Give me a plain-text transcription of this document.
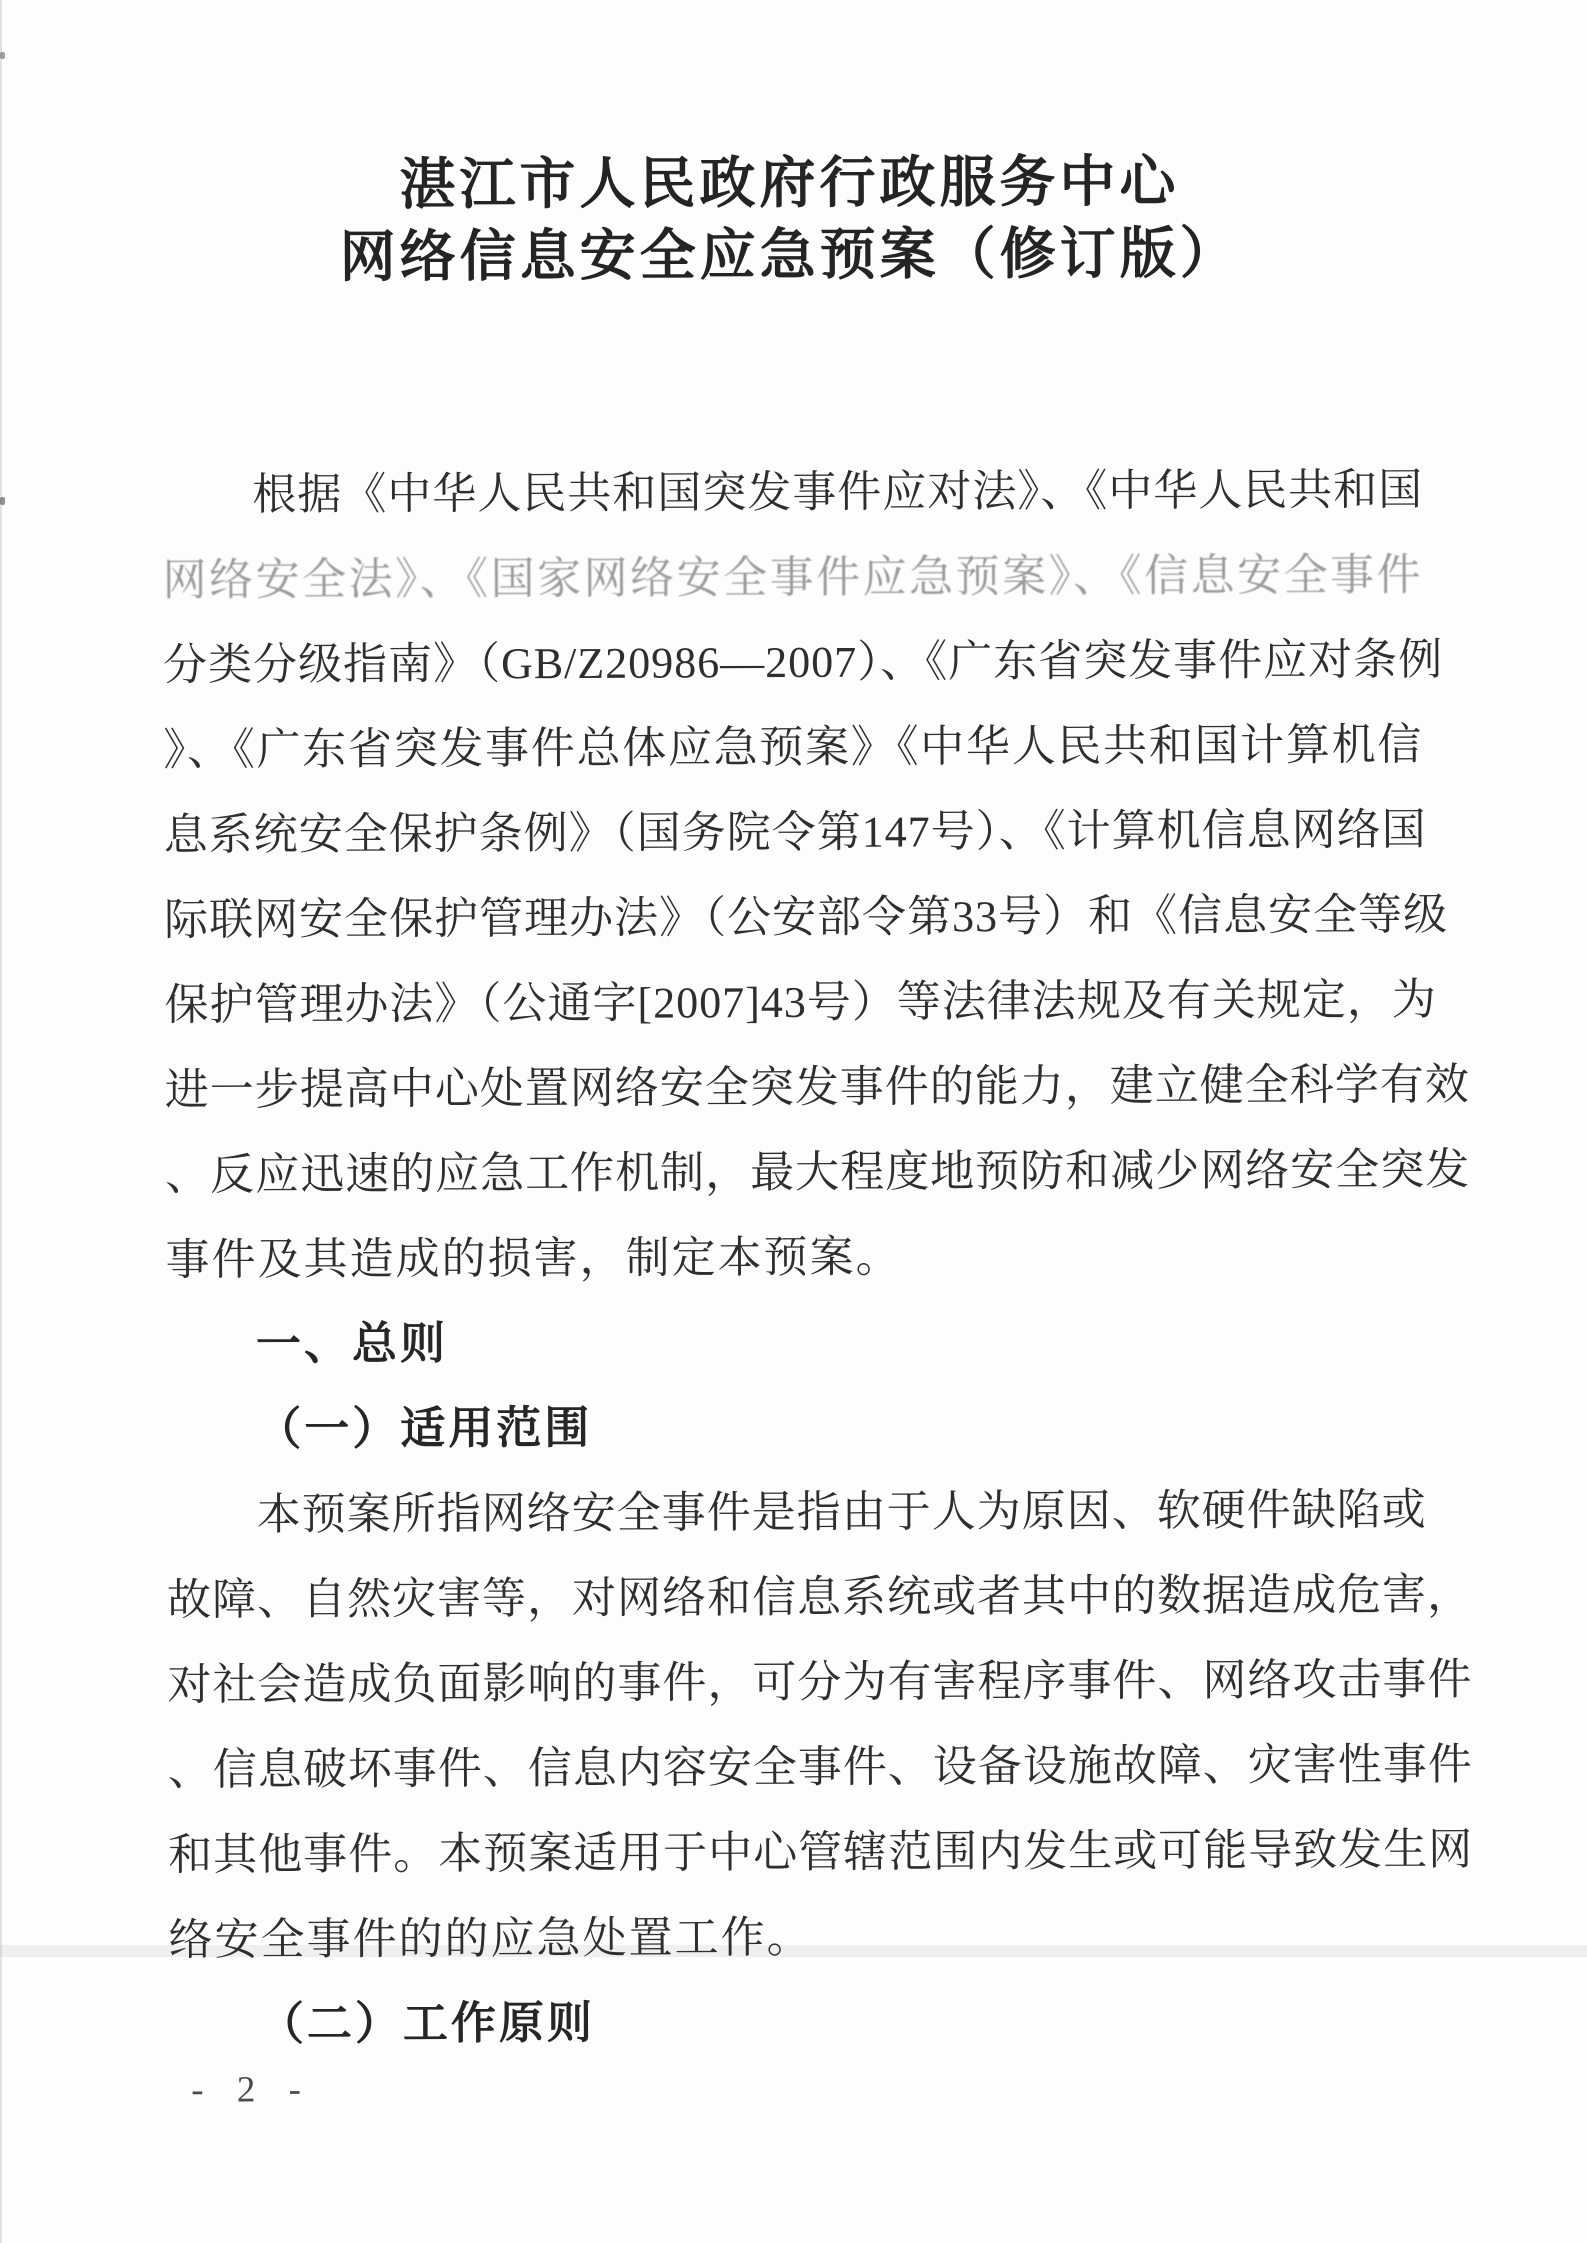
湛江市人民政府行政服务中心
网络信息安全应急预案（修订版）
根据《中华人民共和国突发事件应对法》、《中华人民共和国
网络安全法》、《国家网络安全事件应急预案》、《信息安全事件
分类分级指南》（GB/Z20986—2007）、《广东省突发事件应对条例
》、《广东省突发事件总体应急预案》《中华人民共和国计算机信
息系统安全保护条例》（国务院令第147号）、《计算机信息网络国
际联网安全保护管理办法》（公安部令第33号）和《信息安全等级
保护管理办法》（公通字[2007]43号）等法律法规及有关规定，为
进一步提高中心处置网络安全突发事件的能力，建立健全科学有效
、反应迅速的应急工作机制，最大程度地预防和减少网络安全突发
事件及其造成的损害，制定本预案。
一、总则
（一）适用范围
本预案所指网络安全事件是指由于人为原因、软硬件缺陷或
故障、自然灾害等，对网络和信息系统或者其中的数据造成危害，
对社会造成负面影响的事件，可分为有害程序事件、网络攻击事件
、信息破坏事件、信息内容安全事件、设备设施故障、灾害性事件
和其他事件。本预案适用于中心管辖范围内发生或可能导致发生网
络安全事件的的应急处置工作。
（二）工作原则
- 2 -
